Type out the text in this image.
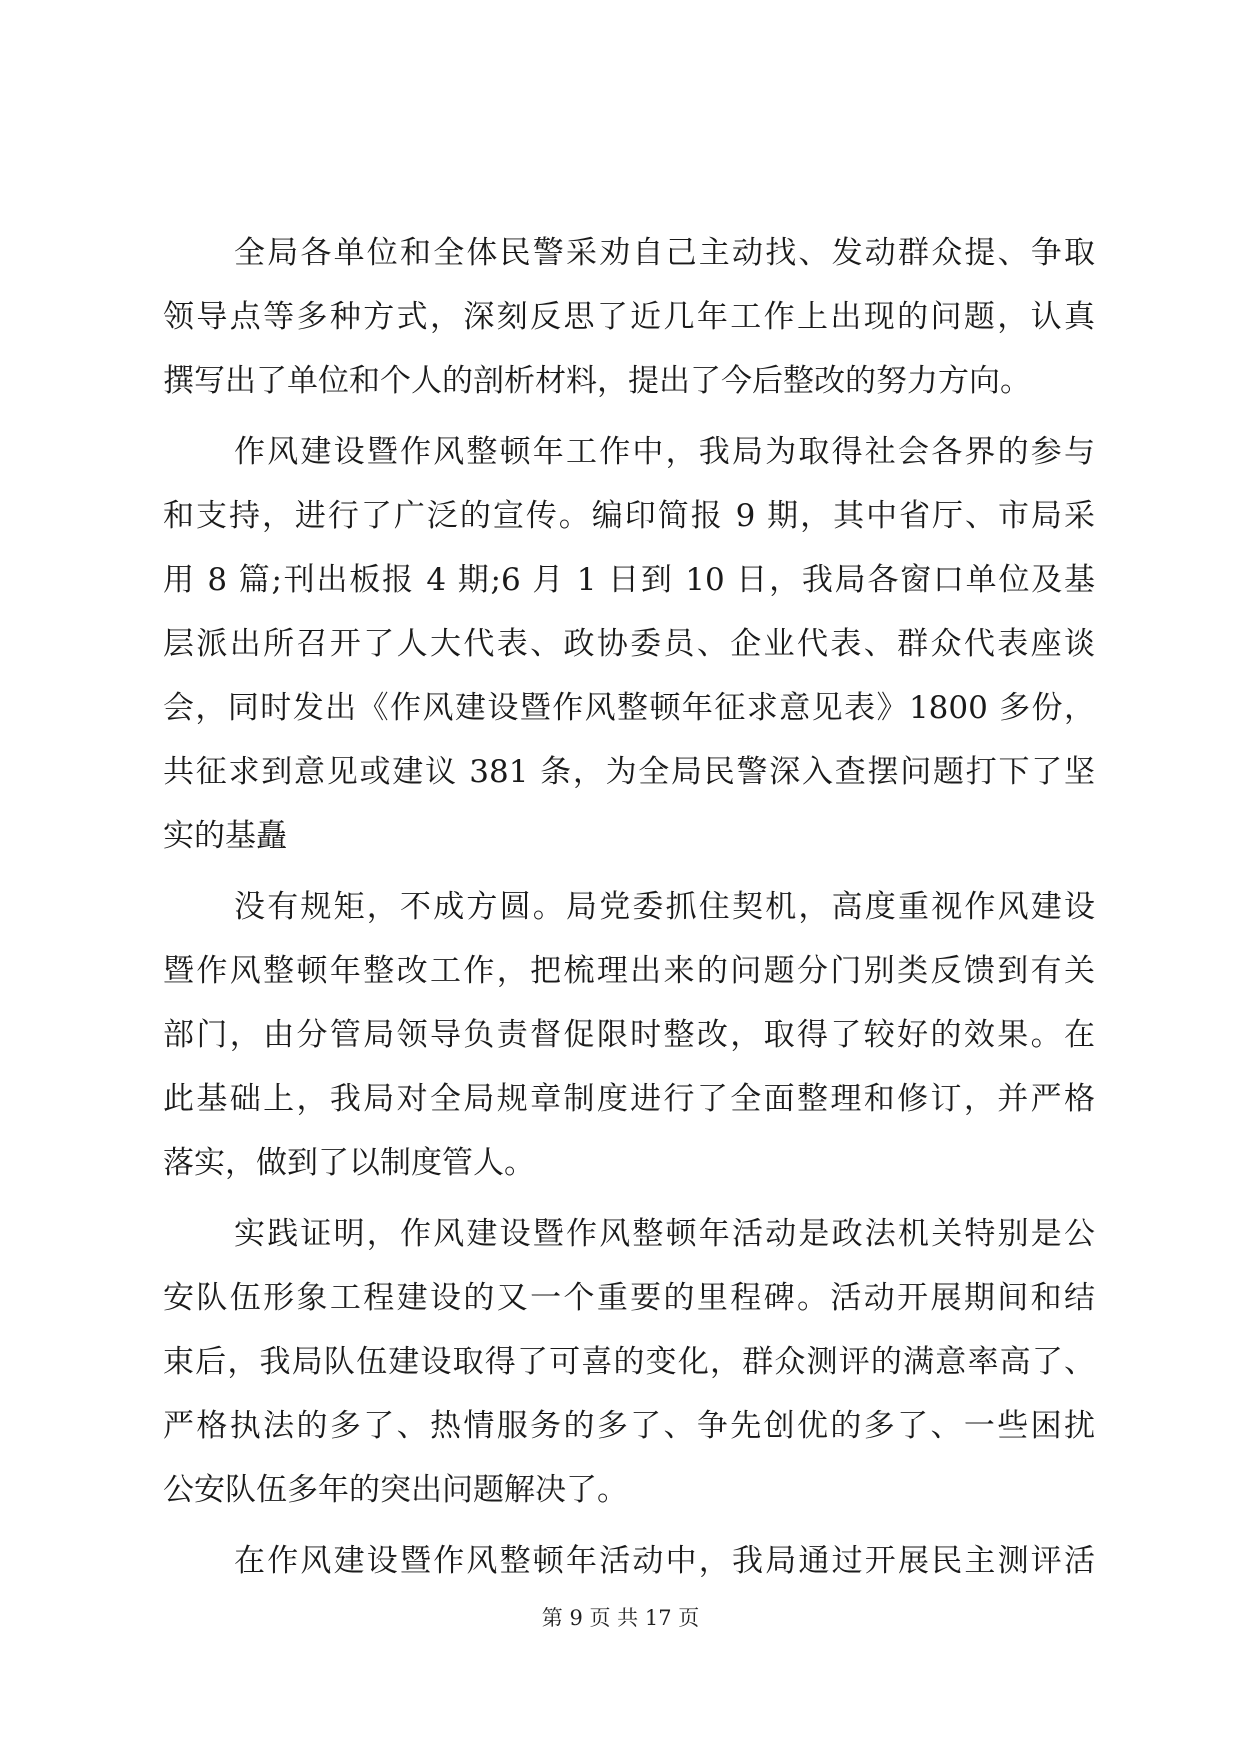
全局各单位和全体民警采劝自己主动找、发动群众提、争取
领导点等多种方式，深刻反思了近几年工作上出现的问题，认真
撰写出了单位和个人的剖析材料，提出了今后整改的努力方向。
作风建设暨作风整顿年工作中，我局为取得社会各界的参与
和支持，进行了广泛的宣传。编印简报 9 期，其中省厅、市局采
用 8 篇;刊出板报 4 期;6 月 1 日到 10 日，我局各窗口单位及基
层派出所召开了人大代表、政协委员、企业代表、群众代表座谈
会，同时发出《作风建设暨作风整顿年征求意见表》1800 多份，
共征求到意见或建议 381 条，为全局民警深入查摆问题打下了坚
实的基矗
没有规矩，不成方圆。局党委抓住契机，高度重视作风建设
暨作风整顿年整改工作，把梳理出来的问题分门别类反馈到有关
部门，由分管局领导负责督促限时整改，取得了较好的效果。在
此基础上，我局对全局规章制度进行了全面整理和修订，并严格
落实，做到了以制度管人。
实践证明，作风建设暨作风整顿年活动是政法机关特别是公
安队伍形象工程建设的又一个重要的里程碑。活动开展期间和结
束后，我局队伍建设取得了可喜的变化，群众测评的满意率高了、
严格执法的多了、热情服务的多了、争先创优的多了、一些困扰
公安队伍多年的突出问题解决了。
在作风建设暨作风整顿年活动中，我局通过开展民主测评活
第 9 页 共 17 页
